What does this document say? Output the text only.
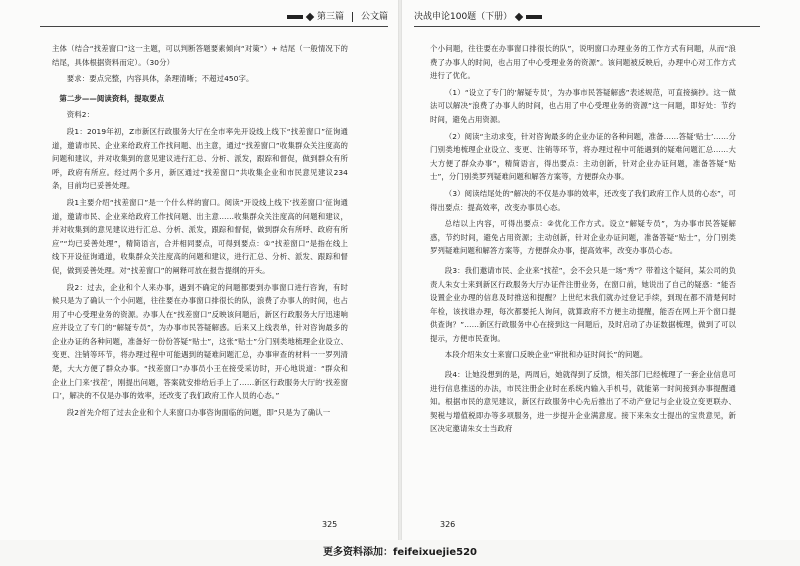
第三篇 公文篇

主体（结合“找差窗口”这一主题，可以判断答题要素倾向“对策”）+ 结尾（一般情况下的结尾，具体根据资料而定）。（30分）

要求：要点完整，内容具体，条理清晰；不超过450字。

第二步——阅读资料，提取要点

资料2：

段1：2019年初，Z市新区行政服务大厅在全市率先开设线上线下“找差窗口”征询通道，邀请市民、企业来给政府工作找问题、出主意，通过“找差窗口”收集群众关注度高的问题和建议，并对收集到的意见建议进行汇总、分析、派发，跟踪和督促，做到群众有所呼，政府有所应。经过两个多月，新区通过“找差窗口”共收集企业和市民意见建议234条，目前均已妥善处理。

段1主要介绍“找差窗口”是一个什么样的窗口。阅读“开设线上线下‘找差窗口’征询通道，邀请市民、企业来给政府工作找问题、出主意……收集群众关注度高的问题和建议，并对收集到的意见建议进行汇总、分析、派发，跟踪和督促，做到群众有所呼、政府有所应”“均已妥善处理”，精简语言，合并相同要点，可得到要点：①“找差窗口”是指在线上线下开设征询通道，收集群众关注度高的问题和建议，进行汇总、分析、派发、跟踪和督促，做到妥善处理。对“找差窗口”的阐释可放在报告提纲的开头。

段2：过去，企业和个人来办事，遇到不确定的问题都要到办事窗口进行咨询，有时候只是为了确认一个小问题，往往要在办事窗口排很长的队，浪费了办事人的时间，也占用了中心受理业务的资源。办事人在“找差窗口”反映该问题后，新区行政服务大厅迅速响应并设立了专门的“解疑专员”，为办事市民答疑解惑。后来又上线表单，针对咨询最多的企业办证的各种问题，准备好一份份答疑“贴士”，这张“贴士”分门别类地梳理企业设立、变更、注销等环节，将办理过程中可能遇到的疑难问题汇总，办事审查的材料一一罗列清楚，大大方便了群众办事。“找差窗口”办事员小王在接受采访时，开心地说道：“群众和企业上门来‘找茬’，刚提出问题，答案就安排给后手上了……新区行政服务大厅的‘找差窗口’，解决的不仅是办事的效率，还改变了我们政府工作人员的心态。”

段2首先介绍了过去企业和个人来窗口办事咨询面临的问题，即“只是为了确认一

325
决战申论100题（下册）

个小问题，往往要在办事窗口排很长的队”，说明窗口办理业务的工作方式有问题，从而“浪费了办事人的时间，也占用了中心受理业务的资源”。该问题被反映后，办理中心对工作方式进行了优化。

（1）“设立了专门的‘解疑专员’，为办事市民答疑解惑”表述规范，可直接摘抄。这一做法可以解决“浪费了办事人的时间，也占用了中心受理业务的资源”这一问题，即好处：节约时间，避免占用资源。

（2）阅读“主动求变，针对咨询最多的企业办证的各种问题，准备……答疑‘贴士’……分门别类地梳理企业设立、变更、注销等环节，将办理过程中可能遇到的疑难问题汇总……大大方便了群众办事”，精简语言，得出要点：主动创新，针对企业办证问题，准备答疑“贴士”，分门别类罗列疑难问题和解答方案等，方便群众办事。

（3）阅读结尾处的“解决的不仅是办事的效率，还改变了我们政府工作人员的心态”，可得出要点：提高效率，改变办事员心态。

总结以上内容，可得出要点：②优化工作方式。设立“解疑专员”，为办事市民答疑解惑，节约时间，避免占用资源；主动创新，针对企业办证问题，准备答疑“贴士”，分门别类罗列疑难问题和解答方案等，方便群众办事，提高效率，改变办事员心态。

段3：我们邀请市民、企业来“找茬”，会不会只是一场“秀”？带着这个疑问，某公司的负责人朱女士来到新区行政服务大厅办证件注册业务，在窗口前，她说出了自己的疑惑：“能否设置企业办理的信息及时推送和提醒？上世纪末我们就办过登记手续，到现在都不清楚何时年检，该找谁办理，每次都要托人询问，就算政府不方便主动提醒，能否在网上开个窗口提供查询？”……新区行政服务中心在接到这一问题后，及时启动了办证数据梳理，做到了可以提示，方便市民查询。

本段介绍朱女士来窗口反映企业“审批和办证时间长”的问题。

段4：让她没想到的是，两周后，她就得到了反馈，相关部门已经梳理了一套企业信息可进行信息推送的办法，市民注册企业时在系统内输入手机号，就能第一时间接到办事提醒通知。根据市民的意见建议，新区行政服务中心先后推出了不动产登记与企业设立变更联办、契税与增值税即办等多项服务，进一步提升企业满意度。接下来朱女士提出的宝贵意见，新区决定邀请朱女士当政府

326
更多资料添加：feifeixuejie520
